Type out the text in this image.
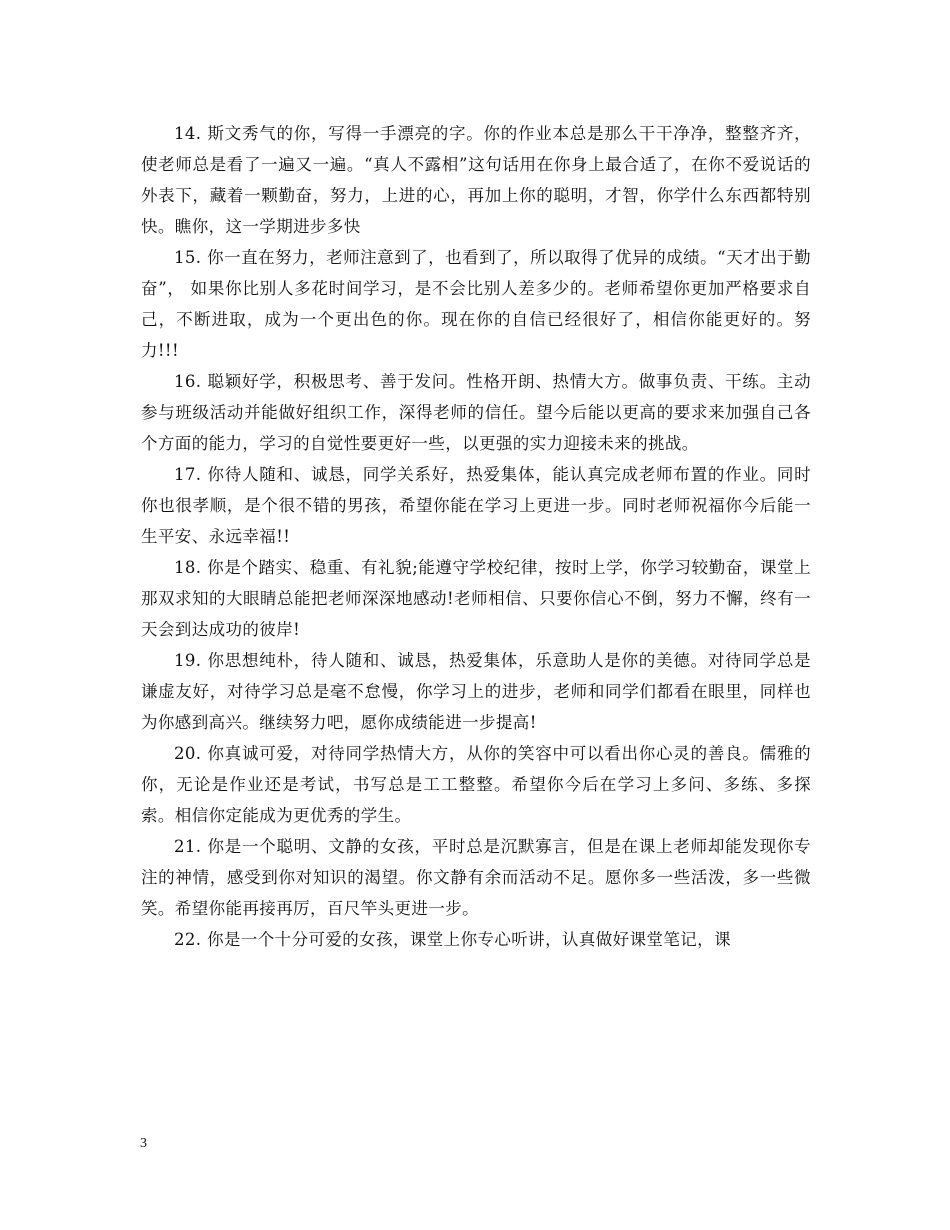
14. 斯文秀气的你，写得一手漂亮的字。你的作业本总是那么干干净净，整整齐齐，使老师总是看了一遍又一遍。“真人不露相”这句话用在你身上最合适了，在你不爱说话的外表下，藏着一颗勤奋，努力，上进的心，再加上你的聪明，才智，你学什么东西都特别快。瞧你，这一学期进步多快

15. 你一直在努力，老师注意到了，也看到了，所以取得了优异的成绩。“天才出于勤奋”， 如果你比别人多花时间学习，是不会比别人差多少的。老师希望你更加严格要求自己，不断进取，成为一个更出色的你。现在你的自信已经很好了，相信你能更好的。努力!!!

16. 聪颖好学，积极思考、善于发问。性格开朗、热情大方。做事负责、干练。主动参与班级活动并能做好组织工作，深得老师的信任。望今后能以更高的要求来加强自己各个方面的能力，学习的自觉性要更好一些，以更强的实力迎接未来的挑战。

17. 你待人随和、诚恳，同学关系好，热爱集体，能认真完成老师布置的作业。同时你也很孝顺，是个很不错的男孩，希望你能在学习上更进一步。同时老师祝福你今后能一生平安、永远幸福!!

18. 你是个踏实、稳重、有礼貌;能遵守学校纪律，按时上学，你学习较勤奋，课堂上那双求知的大眼睛总能把老师深深地感动!老师相信、只要你信心不倒，努力不懈，终有一天会到达成功的彼岸!

19. 你思想纯朴，待人随和、诚恳，热爱集体，乐意助人是你的美德。对待同学总是谦虚友好，对待学习总是毫不怠慢，你学习上的进步，老师和同学们都看在眼里，同样也为你感到高兴。继续努力吧，愿你成绩能进一步提高!

20. 你真诚可爱，对待同学热情大方，从你的笑容中可以看出你心灵的善良。儒雅的你，无论是作业还是考试，书写总是工工整整。希望你今后在学习上多问、多练、多探索。相信你定能成为更优秀的学生。

21. 你是一个聪明、文静的女孩，平时总是沉默寡言，但是在课上老师却能发现你专注的神情，感受到你对知识的渴望。你文静有余而活动不足。愿你多一些活泼，多一些微笑。希望你能再接再厉，百尺竿头更进一步。

22. 你是一个十分可爱的女孩，课堂上你专心听讲，认真做好课堂笔记，课

3
